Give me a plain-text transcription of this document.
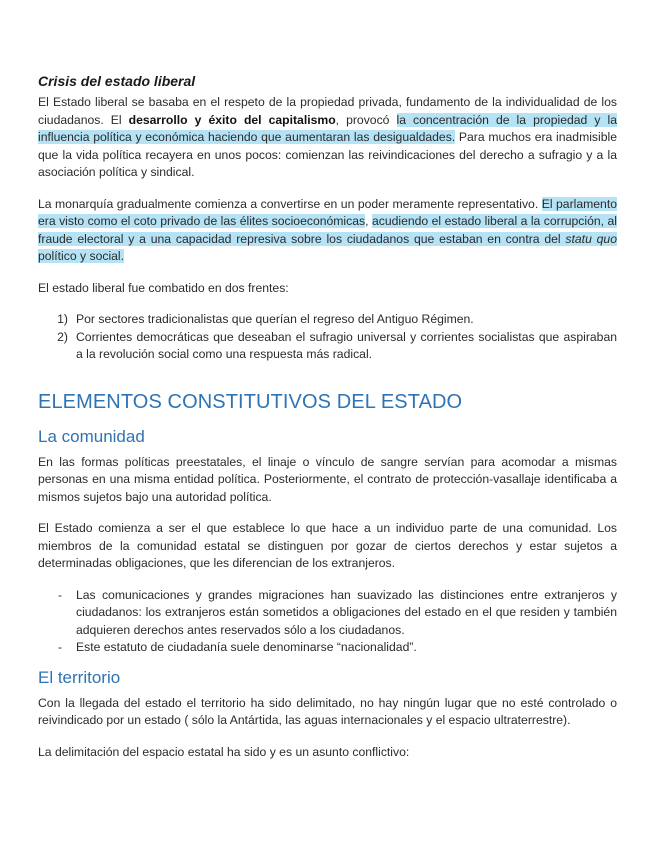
Crisis del estado liberal

El Estado liberal se basaba en el respeto de la propiedad privada, fundamento de la individualidad de los ciudadanos. El desarrollo y éxito del capitalismo, provocó la concentración de la propiedad y la influencia política y económica haciendo que aumentaran las desigualdades. Para muchos era inadmisible que la vida política recayera en unos pocos: comienzan las reivindicaciones del derecho a sufragio y a la asociación política y sindical.

La monarquía gradualmente comienza a convertirse en un poder meramente representativo. El parlamento era visto como el coto privado de las élites socioeconómicas, acudiendo el estado liberal a la corrupción, al fraude electoral y a una capacidad represiva sobre los ciudadanos que estaban en contra del statu quo político y social.

El estado liberal fue combatido en dos frentes:

1) Por sectores tradicionalistas que querían el regreso del Antiguo Régimen.
2) Corrientes democráticas que deseaban el sufragio universal y corrientes socialistas que aspiraban a la revolución social como una respuesta más radical.
ELEMENTOS CONSTITUTIVOS DEL ESTADO
La comunidad

En las formas políticas preestatales, el linaje o vínculo de sangre servían para acomodar a mismas personas en una misma entidad política. Posteriormente, el contrato de protección-vasallaje identificaba a mismos sujetos bajo una autoridad política.

El Estado comienza a ser el que establece lo que hace a un individuo parte de una comunidad. Los miembros de la comunidad estatal se distinguen por gozar de ciertos derechos y estar sujetos a determinadas obligaciones, que les diferencian de los extranjeros.

-	Las comunicaciones y grandes migraciones han suavizado las distinciones entre extranjeros y ciudadanos: los extranjeros están sometidos a obligaciones del estado en el que residen y también adquieren derechos antes reservados sólo a los ciudadanos.
-	Este estatuto de ciudadanía suele denominarse “nacionalidad”.
El territorio

Con la llegada del estado el territorio ha sido delimitado, no hay ningún lugar que no esté controlado o reivindicado por un estado ( sólo la Antártida, las aguas internacionales y el espacio ultraterrestre).

La delimitación del espacio estatal ha sido y es un asunto conflictivo:
